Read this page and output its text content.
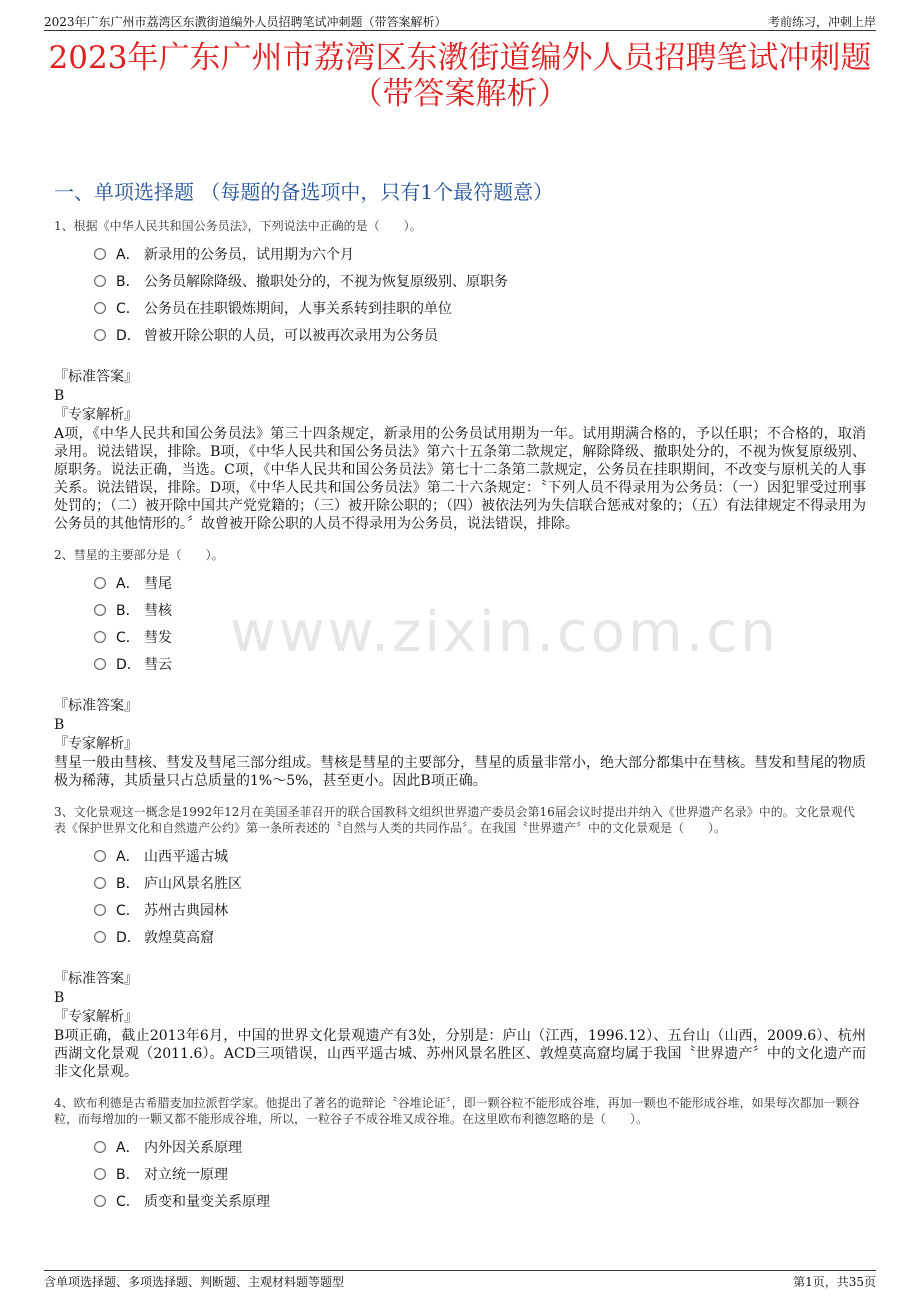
2023年广东广州市荔湾区东漖街道编外人员招聘笔试冲刺题（带答案解析）	考前练习，冲刺上岸
2023年广东广州市荔湾区东漖街道编外人员招聘笔试冲刺题
（带答案解析）
一、单项选择题 （每题的备选项中，只有1个最符题意）
www.zixin.com.cn

1、根据《中华人民共和国公务员法》，下列说法中正确的是（　　）。

A． 新录用的公务员，试用期为六个月
B． 公务员解除降级、撤职处分的，不视为恢复原级别、原职务
C． 公务员在挂职锻炼期间，人事关系转到挂职的单位
D． 曾被开除公职的人员，可以被再次录用为公务员
『标准答案』
B
『专家解析』
A项，《中华人民共和国公务员法》第三十四条规定，新录用的公务员试用期为一年。试用期满合格的，予以任职；不合格的，取消录用。说法错误，排除。B项，《中华人民共和国公务员法》第六十五条第二款规定，解除降级、撤职处分的，不视为恢复原级别、原职务。说法正确，当选。C项，《中华人民共和国公务员法》第七十二条第二款规定，公务员在挂职期间，不改变与原机关的人事关系。说法错误，排除。D项，《中华人民共和国公务员法》第二十六条规定：〝下列人员不得录用为公务员：（一）因犯罪受过刑事处罚的；（二）被开除中国共产党党籍的；（三）被开除公职的；（四）被依法列为失信联合惩戒对象的；（五）有法律规定不得录用为公务员的其他情形的。〞故曾被开除公职的人员不得录用为公务员，说法错误，排除。

2、彗星的主要部分是（　　）。

A． 彗尾
B． 彗核
C． 彗发
D． 彗云
『标准答案』
B
『专家解析』
彗星一般由彗核、彗发及彗尾三部分组成。彗核是彗星的主要部分，彗星的质量非常小，绝大部分都集中在彗核。彗发和彗尾的物质极为稀薄，其质量只占总质量的1%～5%，甚至更小。因此B项正确。

3、文化景观这一概念是1992年12月在美国圣菲召开的联合国教科文组织世界遗产委员会第16届会议时提出并纳入《世界遗产名录》中的。文化景观代表《保护世界文化和自然遗产公约》第一条所表述的〝自然与人类的共同作品〞。在我国〝世界遗产〞中的文化景观是（　　）。

A． 山西平遥古城
B． 庐山风景名胜区
C． 苏州古典园林
D． 敦煌莫高窟
『标准答案』
B
『专家解析』
B项正确，截止2013年6月，中国的世界文化景观遗产有3处，分别是：庐山（江西，1996.12）、五台山（山西，2009.6）、杭州西湖文化景观（2011.6）。ACD三项错误，山西平遥古城、苏州风景名胜区、敦煌莫高窟均属于我国〝世界遗产〞中的文化遗产而非文化景观。

4、欧布利德是古希腊麦加拉派哲学家。他提出了著名的诡辩论〝谷堆论证〞，即一颗谷粒不能形成谷堆，再加一颗也不能形成谷堆，如果每次都加一颗谷粒，而每增加的一颗又都不能形成谷堆，所以，一粒谷子不成谷堆又成谷堆。在这里欧布利德忽略的是（　　）。

A． 内外因关系原理
B． 对立统一原理
C． 质变和量变关系原理
含单项选择题、多项选择题、判断题、主观材料题等题型	第1页，共35页
